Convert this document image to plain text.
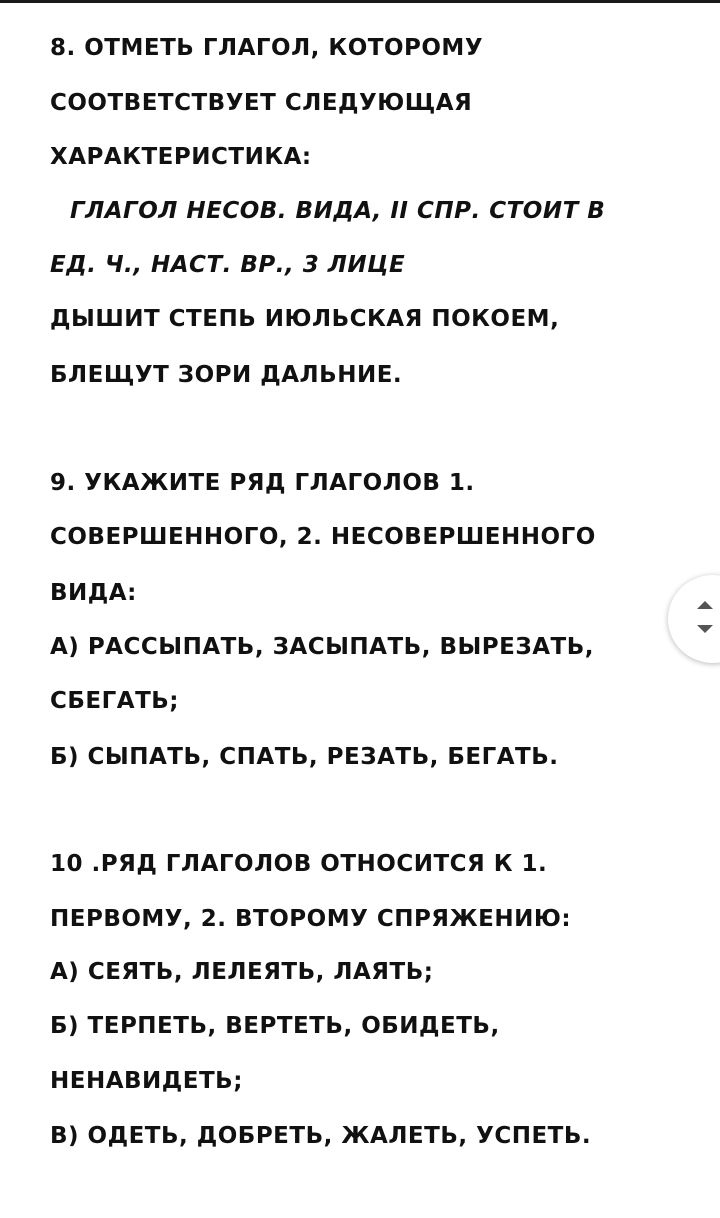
8. ОТМЕТЬ ГЛАГОЛ, КОТОРОМУ
СООТВЕТСТВУЕТ СЛЕДУЮЩАЯ
ХАРАКТЕРИСТИКА:
ГЛАГОЛ НЕСОВ. ВИДА, II СПР. СТОИТ В
ЕД. Ч., НАСТ. ВР., 3 ЛИЦЕ
ДЫШИТ СТЕПЬ ИЮЛЬСКАЯ ПОКОЕМ,
БЛЕЩУТ ЗОРИ ДАЛЬНИЕ.
9. УКАЖИТЕ РЯД ГЛАГОЛОВ 1.
СОВЕРШЕННОГО, 2. НЕСОВЕРШЕННОГО
ВИДА:
А) РАССЫПАТЬ, ЗАСЫПАТЬ, ВЫРЕЗАТЬ,
СБЕГАТЬ;
Б) СЫПАТЬ, СПАТЬ, РЕЗАТЬ, БЕГАТЬ.
10 .РЯД ГЛАГОЛОВ ОТНОСИТСЯ К 1.
ПЕРВОМУ, 2. ВТОРОМУ СПРЯЖЕНИЮ:
А) СЕЯТЬ, ЛЕЛЕЯТЬ, ЛАЯТЬ;
Б) ТЕРПЕТЬ, ВЕРТЕТЬ, ОБИДЕТЬ,
НЕНАВИДЕТЬ;
В) ОДЕТЬ, ДОБРЕТЬ, ЖАЛЕТЬ, УСПЕТЬ.
